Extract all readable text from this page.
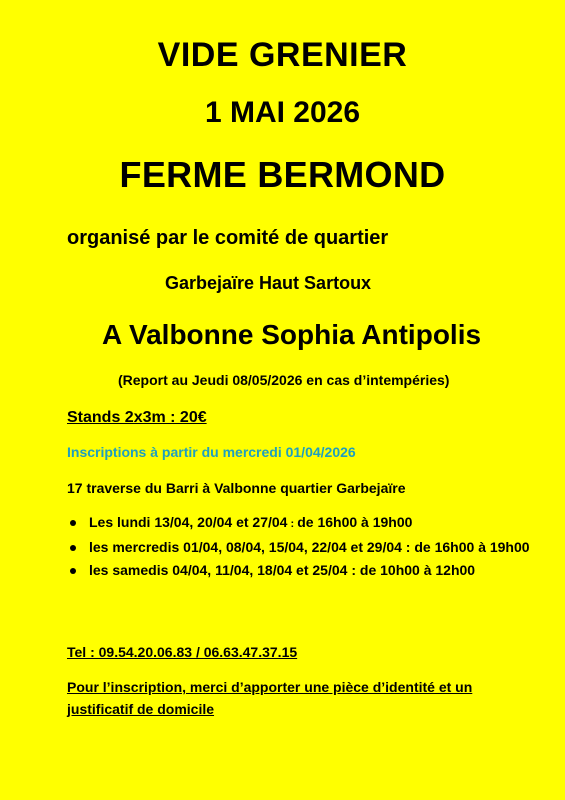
VIDE GRENIER
1 MAI 2026
FERME BERMOND
organisé par le comité de quartier
Garbejaïre Haut Sartoux
A Valbonne Sophia Antipolis
(Report au Jeudi 08/05/2026 en cas d’intempéries)
Stands 2x3m : 20€
Inscriptions à partir du mercredi 01/04/2026
17 traverse du Barri à Valbonne quartier Garbejaïre
Les lundi 13/04, 20/04 et 27/04 : de 16h00 à 19h00
les mercredis 01/04, 08/04, 15/04, 22/04 et 29/04 : de 16h00 à 19h00
les samedis 04/04, 11/04, 18/04 et 25/04 : de 10h00 à 12h00
Tel : 09.54.20.06.83 / 06.63.47.37.15
Pour l’inscription, merci d’apporter une pièce d’identité et un justificatif de domicile
